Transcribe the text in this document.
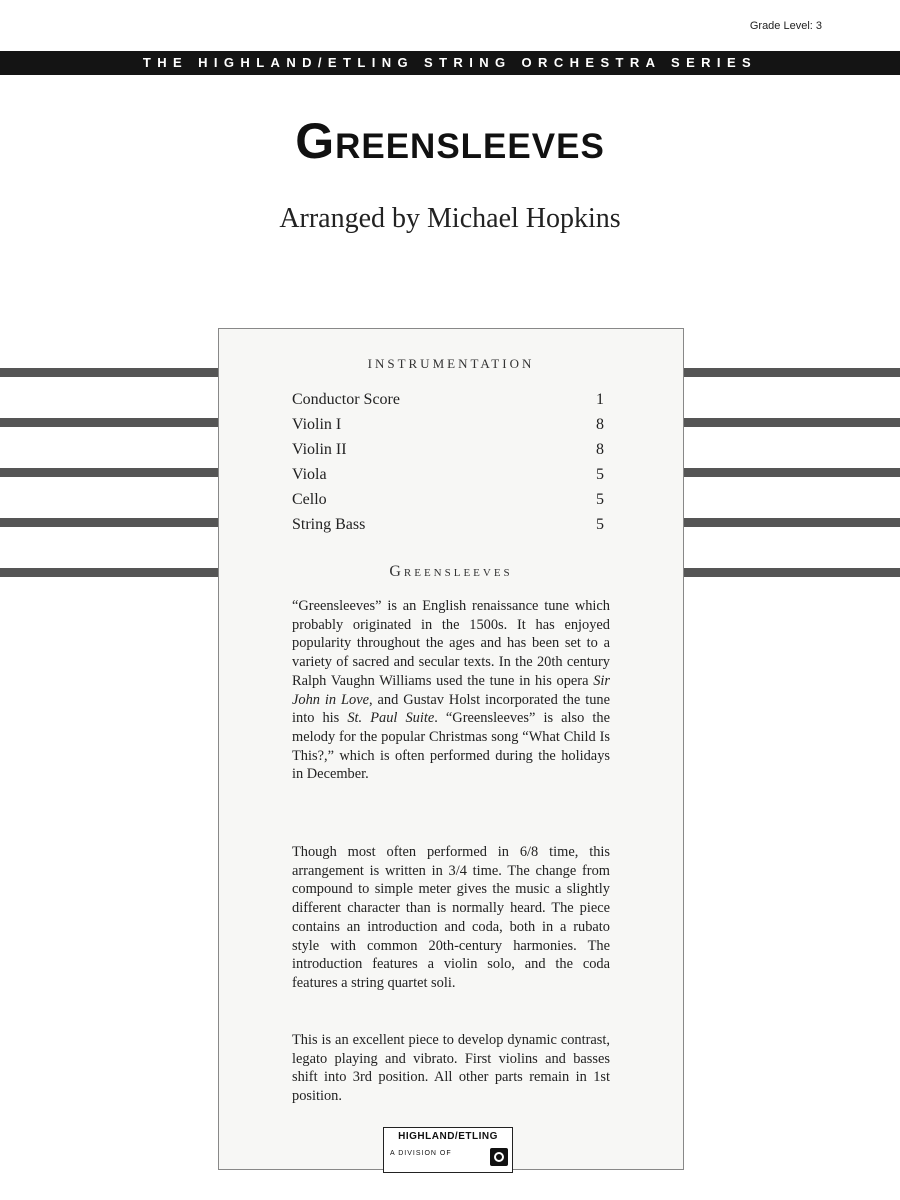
Grade Level: 3
THE HIGHLAND/ETLING STRING ORCHESTRA SERIES
Greensleeves
Arranged by Michael Hopkins
INSTRUMENTATION
Conductor Score	1
Violin I	8
Violin II	8
Viola	5
Cello	5
String Bass	5
Greensleeves

“Greensleeves” is an English renaissance tune which probably originated in the 1500s. It has enjoyed popularity throughout the ages and has been set to a variety of sacred and secular texts. In the 20th century Ralph Vaughn Williams used the tune in his opera Sir John in Love, and Gustav Holst incorporated the tune into his St. Paul Suite. “Greensleeves” is also the melody for the popular Christmas song “What Child Is This?,” which is often performed during the holidays in December.

Though most often performed in 6/8 time, this arrangement is written in 3/4 time. The change from compound to simple meter gives the music a slightly different character than is normally heard. The piece contains an introduction and coda, both in a rubato style with common 20th-century harmonies. The introduction features a violin solo, and the coda features a string quartet soli.

This is an excellent piece to develop dynamic contrast, legato playing and vibrato. First violins and basses shift into 3rd position. All other parts remain in 1st position.

HIGHLAND/ETLING
A DIVISION OF
